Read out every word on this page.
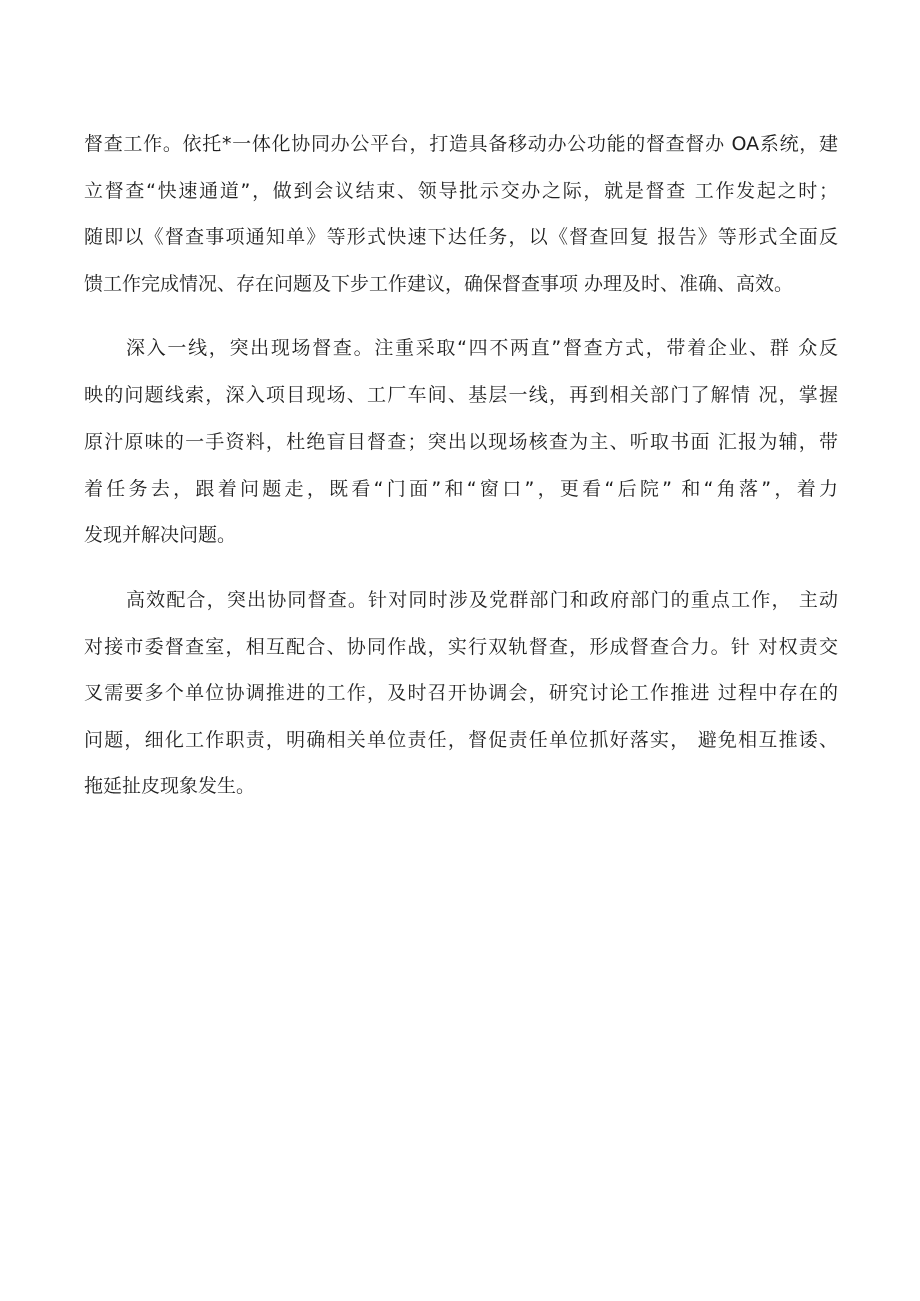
督查工作。依托*一体化协同办公平台，打造具备移动办公功能的督查督办 OA系统，建
立督查“快速通道”，做到会议结束、领导批示交办之际，就是督查 工作发起之时；
随即以《督查事项通知单》等形式快速下达任务，以《督查回复 报告》等形式全面反
馈工作完成情况、存在问题及下步工作建议，确保督查事项 办理及时、准确、高效。
深入一线，突出现场督查。注重采取“四不两直”督查方式，带着企业、群 众反
映的问题线索，深入项目现场、工厂车间、基层一线，再到相关部门了解情 况，掌握
原汁原味的一手资料，杜绝盲目督查；突出以现场核查为主、听取书面 汇报为辅，带
着任务去，跟着问题走，既看“门面”和“窗口”，更看“后院” 和“角落”，着力
发现并解决问题。
高效配合，突出协同督查。针对同时涉及党群部门和政府部门的重点工作， 主动
对接市委督查室，相互配合、协同作战，实行双轨督查，形成督查合力。针 对权责交
叉需要多个单位协调推进的工作，及时召开协调会，研究讨论工作推进 过程中存在的
问题，细化工作职责，明确相关单位责任，督促责任单位抓好落实， 避免相互推诿、
拖延扯皮现象发生。
